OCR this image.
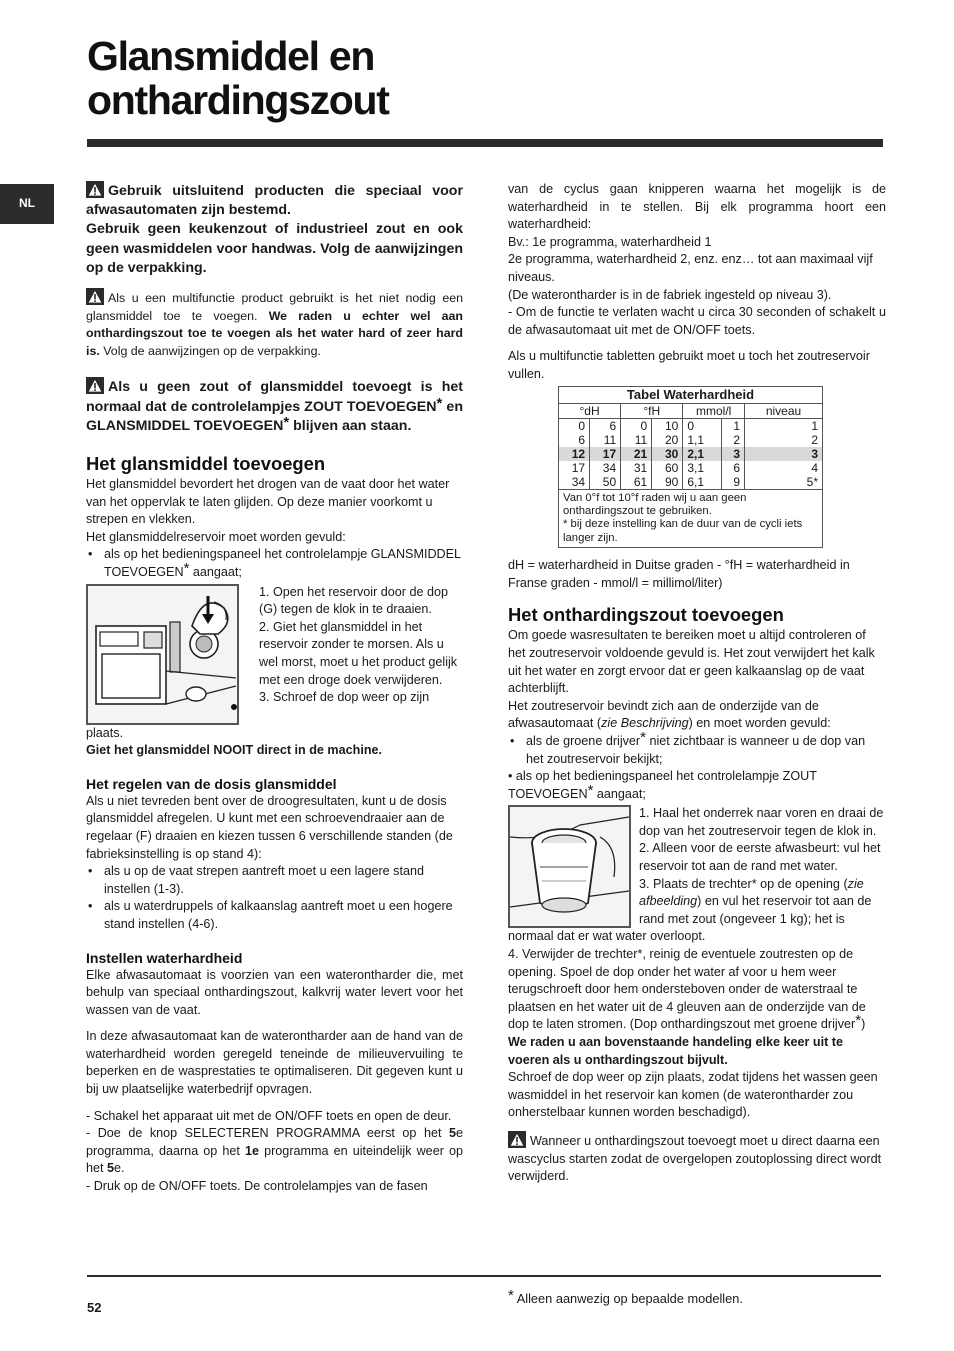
Glansmiddel en
onthardingszout
NL
Gebruik uitsluitend producten die speciaal voor afwasautomaten zijn bestemd.
Gebruik geen keukenzout of industrieel zout en ook geen wasmiddelen voor handwas. Volg de aanwijzingen op de verpakking.

Als u een multifunctie product gebruikt is het niet nodig een glansmiddel toe te voegen. We raden u echter wel aan onthardingszout toe te voegen als het water hard of zeer hard is. Volg de aanwijzingen op de verpakking.

Als u geen zout of glansmiddel toevoegt is het normaal dat de controlelampjes ZOUT TOEVOEGEN* en GLANSMIDDEL TOEVOEGEN* blijven aan staan.
Het glansmiddel toevoegen

Het glansmiddel bevordert het drogen van de vaat door het water van het oppervlak te laten glijden. Op deze manier voorkomt u strepen en vlekken.

Het glansmiddelreservoir moet worden gevuld:

• als op het bedieningspaneel het controlelampje GLANSMIDDEL TOEVOEGEN* aangaat;

1. Open het reservoir door de dop (G) tegen de klok in te draaien.

2. Giet het glansmiddel in het reservoir zonder te morsen. Als u wel morst, moet u het product gelijk met een droge doek verwijderen.

3. Schroef de dop weer op zijn

plaats.

Giet het glansmiddel NOOIT direct in de machine.

Het regelen van de dosis glansmiddel

Als u niet tevreden bent over de droogresultaten, kunt u de dosis glansmiddel afregelen. U kunt met een schroevendraaier aan de regelaar (F) draaien en kiezen tussen 6 verschillende standen (de fabrieksinstelling is op stand 4):

• als u op de vaat strepen aantreft moet u een lagere stand instellen (1-3).

• als u waterdruppels of kalkaanslag aantreft moet u een hogere stand instellen (4-6).

Instellen waterhardheid

Elke afwasautomaat is voorzien van een waterontharder die, met behulp van speciaal onthardingszout, kalkvrij water levert voor het wassen van de vaat.

In deze afwasautomaat kan de waterontharder aan de hand van de waterhardheid worden geregeld teneinde de milieuvervuiling te beperken en de wasprestaties te optimaliseren. Dit gegeven kunt u bij uw plaatselijke waterbedrijf opvragen.

- Schakel het apparaat uit met de ON/OFF toets en open de deur.

- Doe de knop SELECTEREN PROGRAMMA eerst op het 5e programma, daarna op het 1e programma en uiteindelijk weer op het 5e.

- Druk op de ON/OFF toets. De controlelampjes van de fasen

van de cyclus gaan knipperen waarna het mogelijk is de waterhardheid in te stellen. Bij elk programma hoort een waterhardheid:

Bv.: 1e programma, waterhardheid 1

2e programma, waterhardheid 2, enz. enz… tot aan maximaal vijf niveaus.

(De waterontharder is in de fabriek ingesteld op niveau 3).

- Om de functie te verlaten wacht u circa 30 seconden of schakelt u de afwasautomaat uit met de ON/OFF toets.

Als u multifunctie tabletten gebruikt moet u toch het zoutreservoir vullen.

Tabel Waterhardheid						
°dH		°fH		mmol/l		niveau
0	6	0	10	0	1	1
6	11	11	20	1,1	2	2
12	17	21	30	2,1	3	3
17	34	31	60	3,1	6	4
34	50	61	90	6,1	9	5*

Van 0°f tot 10°f raden wij u aan geen onthardingszout te gebruiken.
* bij deze instelling kan de duur van de cycli iets langer zijn.						

dH = waterhardheid in Duitse graden - °fH = waterhardheid in Franse graden - mmol/l = millimol/liter)

Het onthardingszout toevoegen

Om goede wasresultaten te bereiken moet u altijd controleren of het zoutreservoir voldoende gevuld is. Het zout verwijdert het kalk uit het water en zorgt ervoor dat er geen kalkaanslag op de vaat achterblijft.

Het zoutreservoir bevindt zich aan de onderzijde van de afwasautomaat (zie Beschrijving) en moet worden gevuld:

• als de groene drijver* niet zichtbaar is wanneer u de dop van het zoutreservoir bekijkt;

• als op het bedieningspaneel het controlelampje ZOUT TOEVOEGEN* aangaat;

1. Haal het onderrek naar voren en draai de dop van het zoutreservoir tegen de klok in.

2. Alleen voor de eerste afwasbeurt: vul het reservoir tot aan de rand met water.

3. Plaats de trechter* op de opening (zie afbeelding) en vul het reservoir tot aan de rand met zout (ongeveer 1 kg); het is

normaal dat er wat water overloopt.

4. Verwijder de trechter*, reinig de eventuele zoutresten op de opening. Spoel de dop onder het water af voor u hem weer terugschroeft door hem ondersteboven onder de waterstraal te plaatsen en het water uit de 4 gleuven aan de onderzijde van de dop te laten stromen. (Dop onthardingszout met groene drijver*)

We raden u aan bovenstaande handeling elke keer uit te voeren als u onthardingszout bijvult.

Schroef de dop weer op zijn plaats, zodat tijdens het wassen geen wasmiddel in het reservoir kan komen (de waterontharder zou onherstelbaar kunnen worden beschadigd).

Wanneer u onthardingszout toevoegt moet u direct daarna een wascyclus starten zodat de overgelopen zoutoplossing direct wordt verwijderd.

52
* Alleen aanwezig op bepaalde modellen.
